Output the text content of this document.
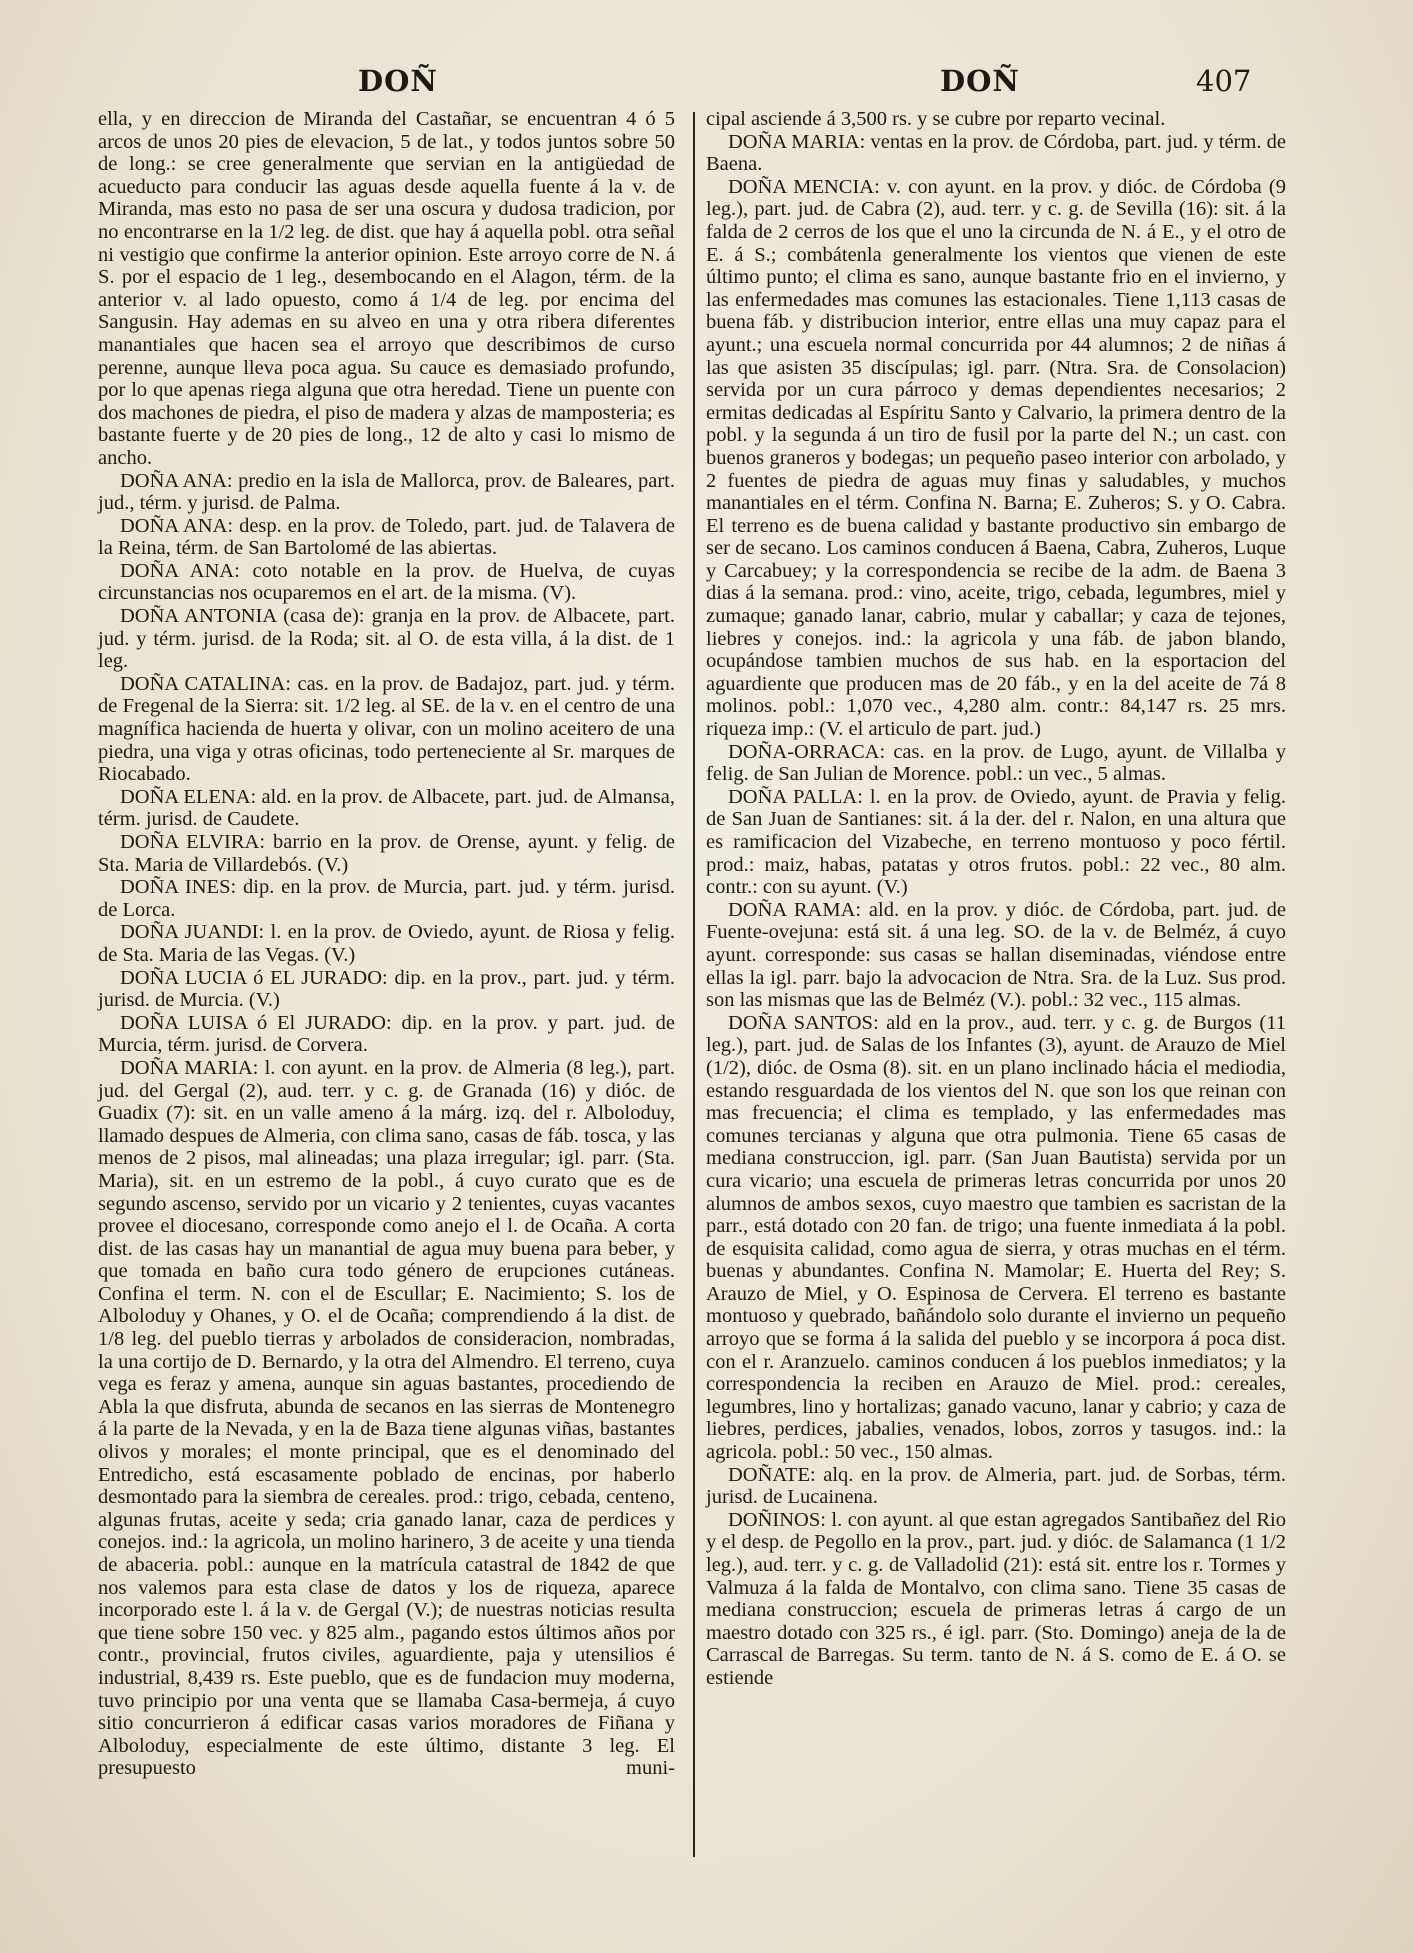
DOÑ	DOÑ	407

ella, y en direccion de Miranda del Castañar, se encuentran 4 ó 5 arcos de unos 20 pies de elevacion, 5 de lat., y todos juntos sobre 50 de long.: se cree generalmente que servian en la antigüedad de acueducto para conducir las aguas desde aquella fuente á la v. de Miranda, mas esto no pasa de ser una oscura y dudosa tradicion, por no encontrarse en la 1/2 leg. de dist. que hay á aquella pobl. otra señal ni vestigio que confirme la anterior opinion. Este arroyo corre de N. á S. por el espacio de 1 leg., desembocando en el Alagon, térm. de la anterior v. al lado opuesto, como á 1/4 de leg. por encima del Sangusin. Hay ademas en su alveo en una y otra ribera diferentes manantiales que hacen sea el arroyo que describimos de curso perenne, aunque lleva poca agua. Su cauce es demasiado profundo, por lo que apenas riega alguna que otra heredad. Tiene un puente con dos machones de piedra, el piso de madera y alzas de mamposteria; es bastante fuerte y de 20 pies de long., 12 de alto y casi lo mismo de ancho.

DOÑA ANA: predio en la isla de Mallorca, prov. de Baleares, part. jud., térm. y jurisd. de Palma.

DOÑA ANA: desp. en la prov. de Toledo, part. jud. de Talavera de la Reina, térm. de San Bartolomé de las abiertas.

DOÑA ANA: coto notable en la prov. de Huelva, de cuyas circunstancias nos ocuparemos en el art. de la misma. (V).

DOÑA ANTONIA (casa de): granja en la prov. de Albacete, part. jud. y térm. jurisd. de la Roda; sit. al O. de esta villa, á la dist. de 1 leg.

DOÑA CATALINA: cas. en la prov. de Badajoz, part. jud. y térm. de Fregenal de la Sierra: sit. 1/2 leg. al SE. de la v. en el centro de una magnífica hacienda de huerta y olivar, con un molino aceitero de una piedra, una viga y otras oficinas, todo perteneciente al Sr. marques de Riocabado.

DOÑA ELENA: ald. en la prov. de Albacete, part. jud. de Almansa, térm. jurisd. de Caudete.

DOÑA ELVIRA: barrio en la prov. de Orense, ayunt. y felig. de Sta. Maria de Villardebós. (V.)

DOÑA INES: dip. en la prov. de Murcia, part. jud. y térm. jurisd. de Lorca.

DOÑA JUANDI: l. en la prov. de Oviedo, ayunt. de Riosa y felig. de Sta. Maria de las Vegas. (V.)

DOÑA LUCIA ó EL JURADO: dip. en la prov., part. jud. y térm. jurisd. de Murcia. (V.)

DOÑA LUISA ó El JURADO: dip. en la prov. y part. jud. de Murcia, térm. jurisd. de Corvera.

DOÑA MARIA: l. con ayunt. en la prov. de Almeria (8 leg.), part. jud. del Gergal (2), aud. terr. y c. g. de Granada (16) y dióc. de Guadix (7): sit. en un valle ameno á la márg. izq. del r. Alboloduy, llamado despues de Almeria, con clima sano, casas de fáb. tosca, y las menos de 2 pisos, mal alineadas; una plaza irregular; igl. parr. (Sta. Maria), sit. en un estremo de la pobl., á cuyo curato que es de segundo ascenso, servido por un vicario y 2 tenientes, cuyas vacantes provee el diocesano, corresponde como anejo el l. de Ocaña. A corta dist. de las casas hay un manantial de agua muy buena para beber, y que tomada en baño cura todo género de erupciones cutáneas. Confina el term. N. con el de Escullar; E. Nacimiento; S. los de Alboloduy y Ohanes, y O. el de Ocaña; comprendiendo á la dist. de 1/8 leg. del pueblo tierras y arbolados de consideracion, nombradas, la una cortijo de D. Bernardo, y la otra del Almendro. El terreno, cuya vega es feraz y amena, aunque sin aguas bastantes, procediendo de Abla la que disfruta, abunda de secanos en las sierras de Montenegro á la parte de la Nevada, y en la de Baza tiene algunas viñas, bastantes olivos y morales; el monte principal, que es el denominado del Entredicho, está escasamente poblado de encinas, por haberlo desmontado para la siembra de cereales. prod.: trigo, cebada, centeno, algunas frutas, aceite y seda; cria ganado lanar, caza de perdices y conejos. ind.: la agricola, un molino harinero, 3 de aceite y una tienda de abaceria. pobl.: aunque en la matrícula catastral de 1842 de que nos valemos para esta clase de datos y los de riqueza, aparece incorporado este l. á la v. de Gergal (V.); de nuestras noticias resulta que tiene sobre 150 vec. y 825 alm., pagando estos últimos años por contr., provincial, frutos civiles, aguardiente, paja y utensilios é industrial, 8,439 rs. Este pueblo, que es de fundacion muy moderna, tuvo principio por una venta que se llamaba Casa-bermeja, á cuyo sitio concurrieron á edificar casas varios moradores de Fiñana y Alboloduy, especialmente de este último, distante 3 leg. El presupuesto muni-

cipal asciende á 3,500 rs. y se cubre por reparto vecinal.

DOÑA MARIA: ventas en la prov. de Córdoba, part. jud. y térm. de Baena.

DOÑA MENCIA: v. con ayunt. en la prov. y dióc. de Córdoba (9 leg.), part. jud. de Cabra (2), aud. terr. y c. g. de Sevilla (16): sit. á la falda de 2 cerros de los que el uno la circunda de N. á E., y el otro de E. á S.; combátenla generalmente los vientos que vienen de este último punto; el clima es sano, aunque bastante frio en el invierno, y las enfermedades mas comunes las estacionales. Tiene 1,113 casas de buena fáb. y distribucion interior, entre ellas una muy capaz para el ayunt.; una escuela normal concurrida por 44 alumnos; 2 de niñas á las que asisten 35 discípulas; igl. parr. (Ntra. Sra. de Consolacion) servida por un cura párroco y demas dependientes necesarios; 2 ermitas dedicadas al Espíritu Santo y Calvario, la primera dentro de la pobl. y la segunda á un tiro de fusil por la parte del N.; un cast. con buenos graneros y bodegas; un pequeño paseo interior con arbolado, y 2 fuentes de piedra de aguas muy finas y saludables, y muchos manantiales en el térm. Confina N. Barna; E. Zuheros; S. y O. Cabra. El terreno es de buena calidad y bastante productivo sin embargo de ser de secano. Los caminos conducen á Baena, Cabra, Zuheros, Luque y Carcabuey; y la correspondencia se recibe de la adm. de Baena 3 dias á la semana. prod.: vino, aceite, trigo, cebada, legumbres, miel y zumaque; ganado lanar, cabrio, mular y caballar; y caza de tejones, liebres y conejos. ind.: la agricola y una fáb. de jabon blando, ocupándose tambien muchos de sus hab. en la esportacion del aguardiente que producen mas de 20 fáb., y en la del aceite de 7á 8 molinos. pobl.: 1,070 vec., 4,280 alm. contr.: 84,147 rs. 25 mrs. riqueza imp.: (V. el articulo de part. jud.)

DOÑA-ORRACA: cas. en la prov. de Lugo, ayunt. de Villalba y felig. de San Julian de Morence. pobl.: un vec., 5 almas.

DOÑA PALLA: l. en la prov. de Oviedo, ayunt. de Pravia y felig. de San Juan de Santianes: sit. á la der. del r. Nalon, en una altura que es ramificacion del Vizabeche, en terreno montuoso y poco fértil. prod.: maiz, habas, patatas y otros frutos. pobl.: 22 vec., 80 alm. contr.: con su ayunt. (V.)

DOÑA RAMA: ald. en la prov. y dióc. de Córdoba, part. jud. de Fuente-ovejuna: está sit. á una leg. SO. de la v. de Belméz, á cuyo ayunt. corresponde: sus casas se hallan diseminadas, viéndose entre ellas la igl. parr. bajo la advocacion de Ntra. Sra. de la Luz. Sus prod. son las mismas que las de Belméz (V.). pobl.: 32 vec., 115 almas.

DOÑA SANTOS: ald en la prov., aud. terr. y c. g. de Burgos (11 leg.), part. jud. de Salas de los Infantes (3), ayunt. de Arauzo de Miel (1/2), dióc. de Osma (8). sit. en un plano inclinado hácia el mediodia, estando resguardada de los vientos del N. que son los que reinan con mas frecuencia; el clima es templado, y las enfermedades mas comunes tercianas y alguna que otra pulmonia. Tiene 65 casas de mediana construccion, igl. parr. (San Juan Bautista) servida por un cura vicario; una escuela de primeras letras concurrida por unos 20 alumnos de ambos sexos, cuyo maestro que tambien es sacristan de la parr., está dotado con 20 fan. de trigo; una fuente inmediata á la pobl. de esquisita calidad, como agua de sierra, y otras muchas en el térm. buenas y abundantes. Confina N. Mamolar; E. Huerta del Rey; S. Arauzo de Miel, y O. Espinosa de Cervera. El terreno es bastante montuoso y quebrado, bañándolo solo durante el invierno un pequeño arroyo que se forma á la salida del pueblo y se incorpora á poca dist. con el r. Aranzuelo. caminos conducen á los pueblos inmediatos; y la correspondencia la reciben en Arauzo de Miel. prod.: cereales, legumbres, lino y hortalizas; ganado vacuno, lanar y cabrio; y caza de liebres, perdices, jabalies, venados, lobos, zorros y tasugos. ind.: la agricola. pobl.: 50 vec., 150 almas.

DOÑATE: alq. en la prov. de Almeria, part. jud. de Sorbas, térm. jurisd. de Lucainena.

DOÑINOS: l. con ayunt. al que estan agregados Santibañez del Rio y el desp. de Pegollo en la prov., part. jud. y dióc. de Salamanca (1 1/2 leg.), aud. terr. y c. g. de Valladolid (21): está sit. entre los r. Tormes y Valmuza á la falda de Montalvo, con clima sano. Tiene 35 casas de mediana construccion; escuela de primeras letras á cargo de un maestro dotado con 325 rs., é igl. parr. (Sto. Domingo) aneja de la de Carrascal de Barregas. Su term. tanto de N. á S. como de E. á O. se estiende
